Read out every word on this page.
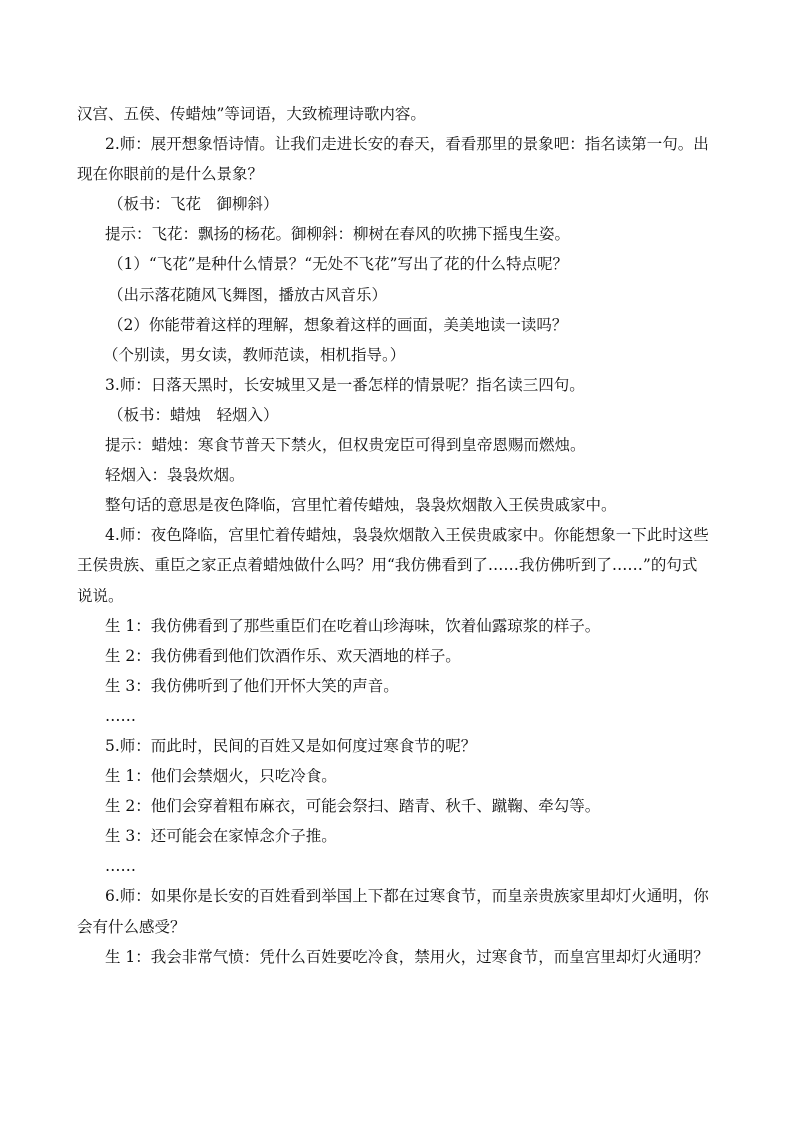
汉宫、五侯、传蜡烛”等词语，大致梳理诗歌内容。

2.师：展开想象悟诗情。让我们走进长安的春天，看看那里的景象吧：指名读第一句。出

现在你眼前的是什么景象？

（板书：飞花　御柳斜）

提示：飞花：飘扬的杨花。御柳斜：柳树在春风的吹拂下摇曳生姿。

（1）“飞花”是种什么情景？“无处不飞花”写出了花的什么特点呢？

（出示落花随风飞舞图，播放古风音乐）

（2）你能带着这样的理解，想象着这样的画面，美美地读一读吗？

（个别读，男女读，教师范读，相机指导。）

3.师：日落天黑时，长安城里又是一番怎样的情景呢？指名读三四句。

（板书：蜡烛　轻烟入）

提示：蜡烛：寒食节普天下禁火，但权贵宠臣可得到皇帝恩赐而燃烛。

轻烟入：袅袅炊烟。

整句话的意思是夜色降临，宫里忙着传蜡烛，袅袅炊烟散入王侯贵戚家中。

4.师：夜色降临，宫里忙着传蜡烛，袅袅炊烟散入王侯贵戚家中。你能想象一下此时这些

王侯贵族、重臣之家正点着蜡烛做什么吗？用“我仿佛看到了……我仿佛听到了……”的句式

说说。

生 1：我仿佛看到了那些重臣们在吃着山珍海味，饮着仙露琼浆的样子。

生 2：我仿佛看到他们饮酒作乐、欢天酒地的样子。

生 3：我仿佛听到了他们开怀大笑的声音。

……

5.师：而此时，民间的百姓又是如何度过寒食节的呢？

生 1：他们会禁烟火，只吃冷食。

生 2：他们会穿着粗布麻衣，可能会祭扫、踏青、秋千、蹴鞠、牵勾等。

生 3：还可能会在家悼念介子推。

……

6.师：如果你是长安的百姓看到举国上下都在过寒食节，而皇亲贵族家里却灯火通明，你

会有什么感受？

生 1：我会非常气愤：凭什么百姓要吃冷食，禁用火，过寒食节，而皇宫里却灯火通明？
